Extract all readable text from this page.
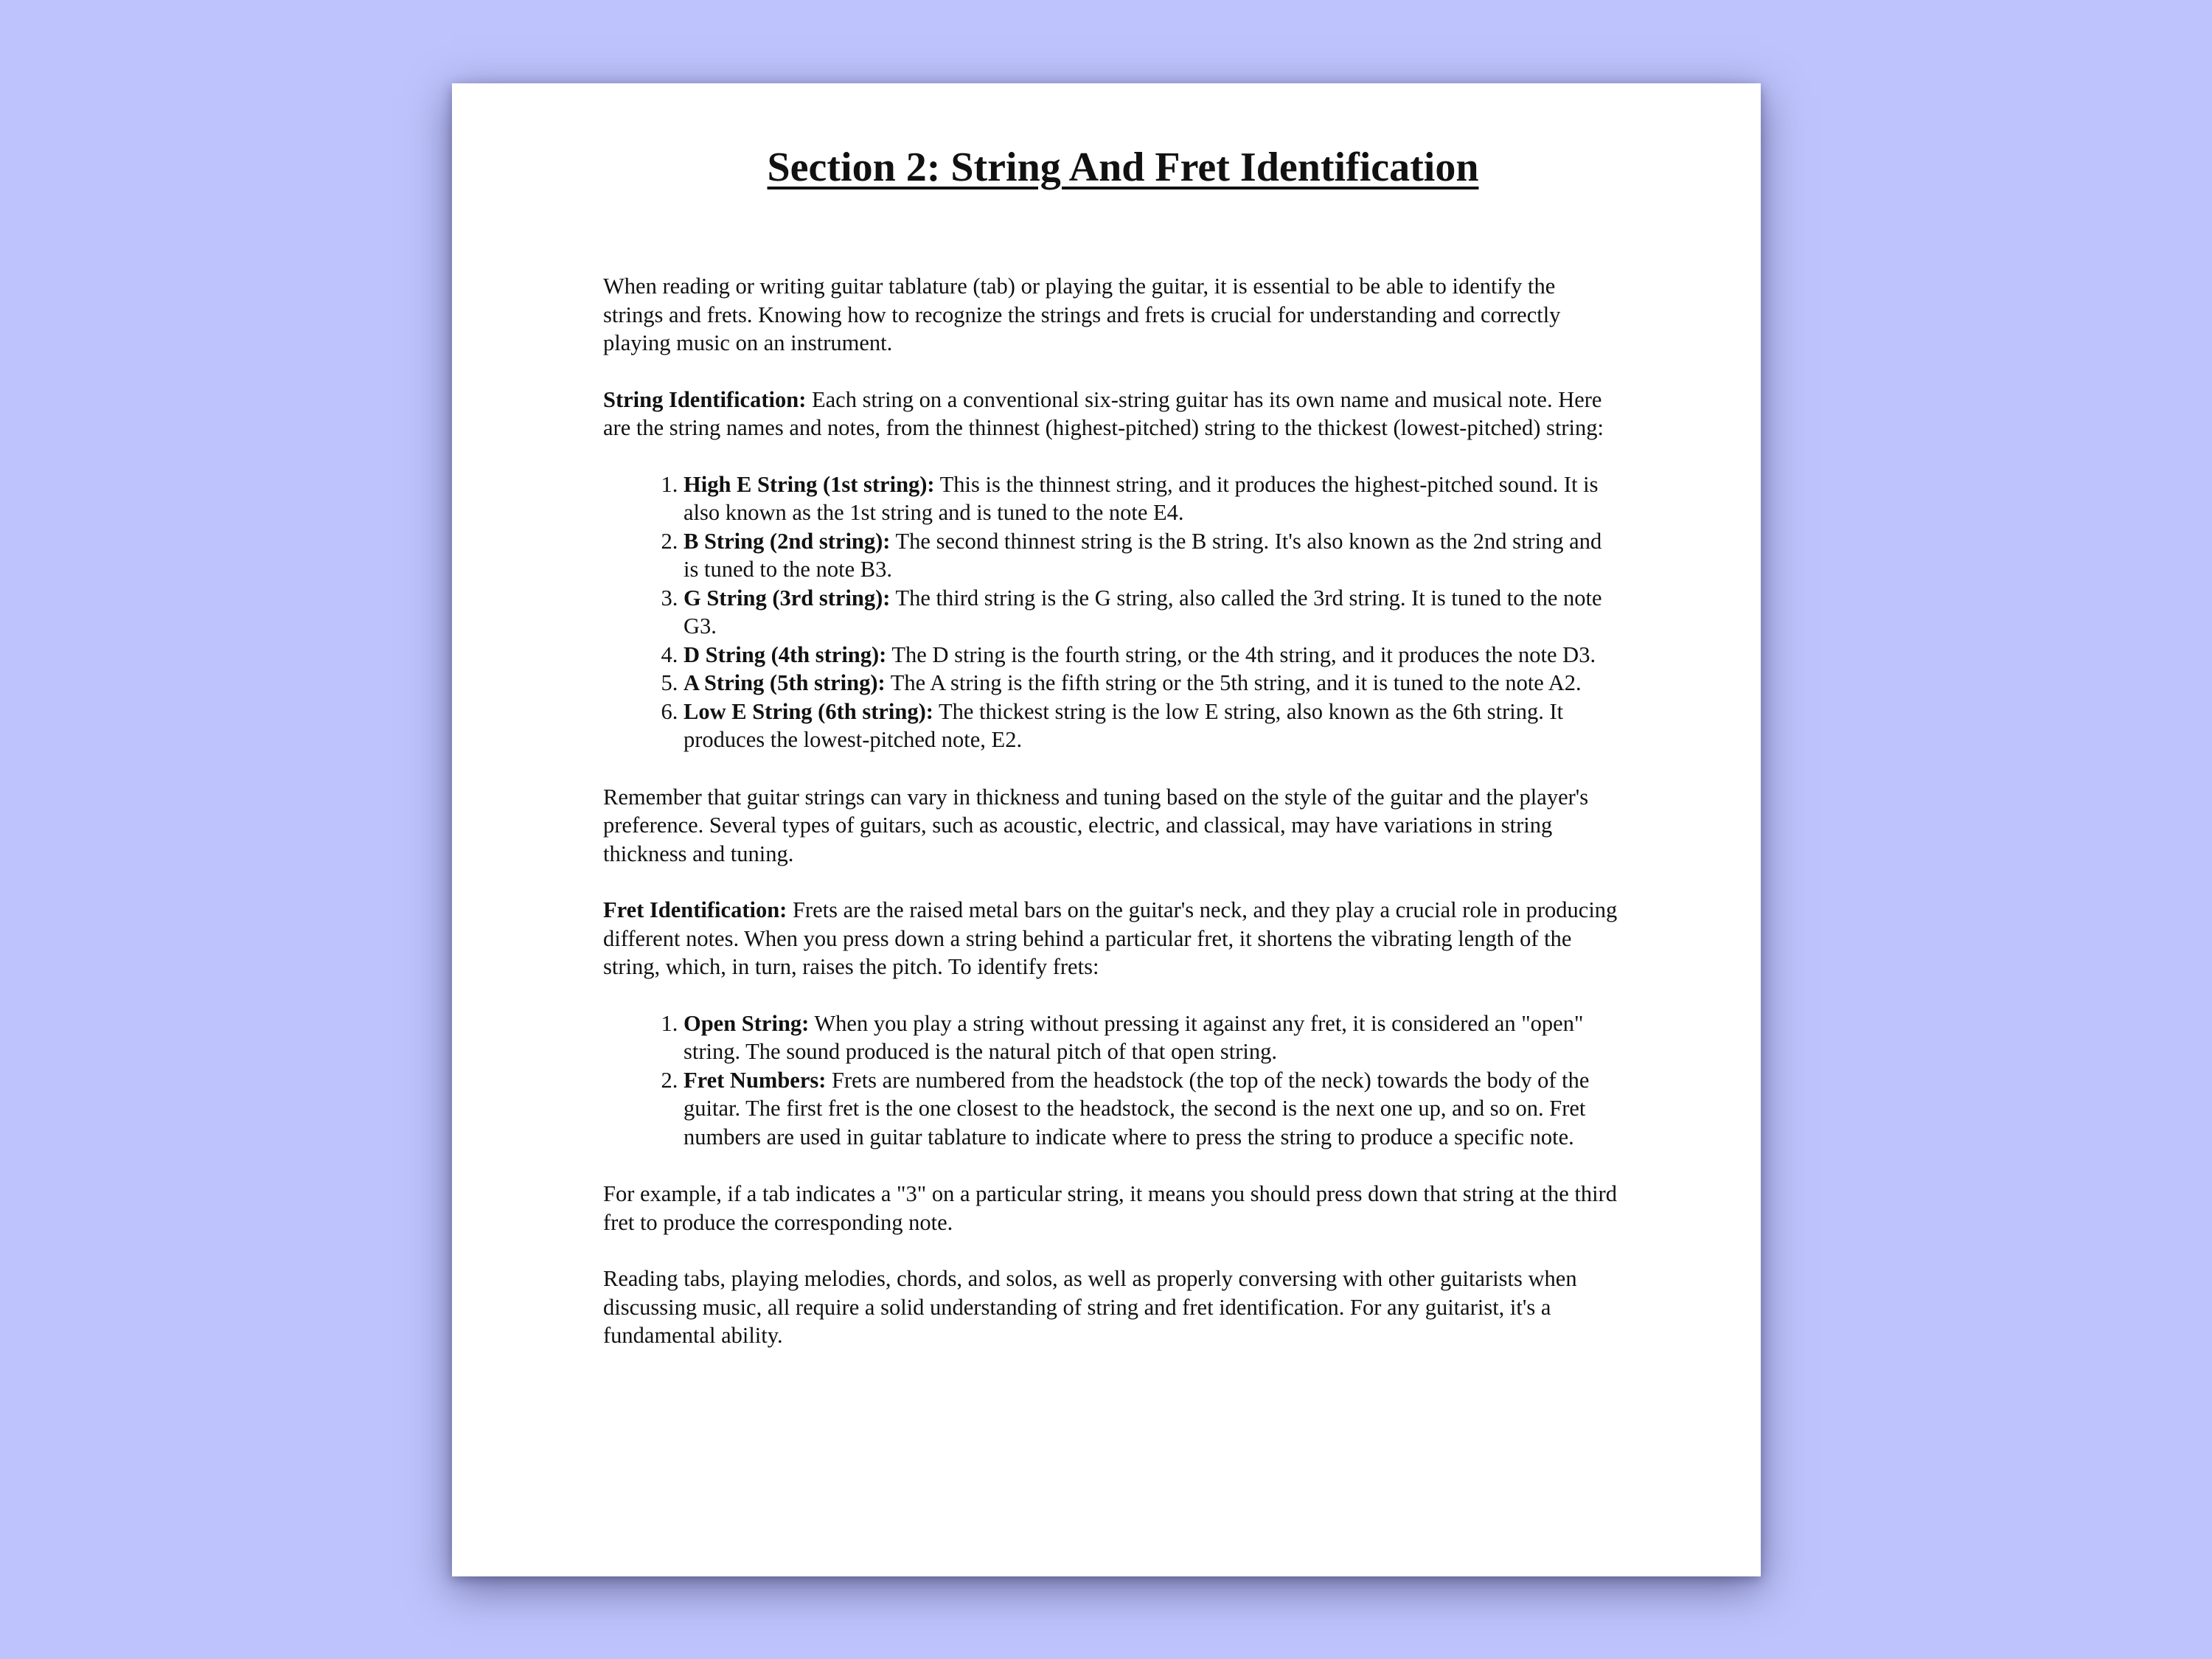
Section 2: String And Fret Identification

When reading or writing guitar tablature (tab) or playing the guitar, it is essential to be able to identify the strings and frets. Knowing how to recognize the strings and frets is crucial for understanding and correctly playing music on an instrument.

String Identification: Each string on a conventional six-string guitar has its own name and musical note. Here are the string names and notes, from the thinnest (highest-pitched) string to the thickest (lowest-pitched) string:

1. High E String (1st string): This is the thinnest string, and it produces the highest-pitched sound. It is also known as the 1st string and is tuned to the note E4.
2. B String (2nd string): The second thinnest string is the B string. It's also known as the 2nd string and is tuned to the note B3.
3. G String (3rd string): The third string is the G string, also called the 3rd string. It is tuned to the note G3.
4. D String (4th string): The D string is the fourth string, or the 4th string, and it produces the note D3.
5. A String (5th string): The A string is the fifth string or the 5th string, and it is tuned to the note A2.
6. Low E String (6th string): The thickest string is the low E string, also known as the 6th string. It produces the lowest-pitched note, E2.

Remember that guitar strings can vary in thickness and tuning based on the style of the guitar and the player's preference. Several types of guitars, such as acoustic, electric, and classical, may have variations in string thickness and tuning.

Fret Identification: Frets are the raised metal bars on the guitar's neck, and they play a crucial role in producing different notes. When you press down a string behind a particular fret, it shortens the vibrating length of the string, which, in turn, raises the pitch. To identify frets:

1. Open String: When you play a string without pressing it against any fret, it is considered an "open" string. The sound produced is the natural pitch of that open string.
2. Fret Numbers: Frets are numbered from the headstock (the top of the neck) towards the body of the guitar. The first fret is the one closest to the headstock, the second is the next one up, and so on. Fret numbers are used in guitar tablature to indicate where to press the string to produce a specific note.

For example, if a tab indicates a "3" on a particular string, it means you should press down that string at the third fret to produce the corresponding note.

Reading tabs, playing melodies, chords, and solos, as well as properly conversing with other guitarists when discussing music, all require a solid understanding of string and fret identification. For any guitarist, it's a fundamental ability.
